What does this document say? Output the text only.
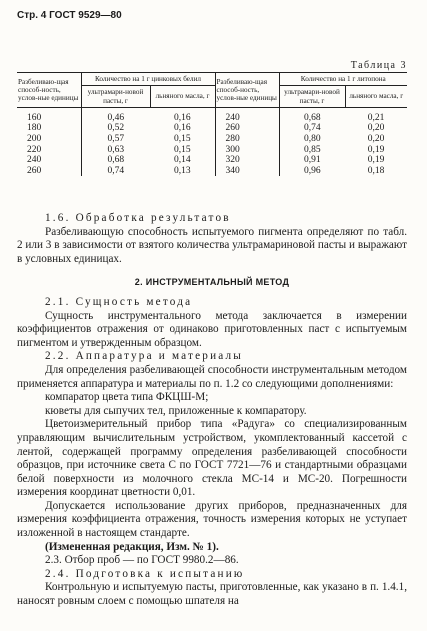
Стр. 4 ГОСТ 9529—80
Таблица 3
Разбеливаю-щая способ-ность, услов-ные единицы	Количество на 1 г цинковых белил		Разбеливаю-щая способ-ность, услов-ные единицы	Количество на 1 г литопона	
	ультрамари-новой пасты, г	льняного масла, г		ультрамари-новой пасты, г	льняного масла, г
160	0,46	0,16	240	0,68	0,21
180	0,52	0,16	260	0,74	0,20
200	0,57	0,15	280	0,80	0,20
220	0,63	0,15	300	0,85	0,19
240	0,68	0,14	320	0,91	0,19
260	0,74	0,13	340	0,96	0,18

1.6. Обработка результатов

Разбеливающую способность испытуемого пигмента определяют по табл. 2 или 3 в зависимости от взятого количества ультрамариновой пасты и выражают в условных единицах.

2. ИНСТРУМЕНТАЛЬНЫЙ МЕТОД

2.1. Сущность метода

Сущность инструментального метода заключается в измерении коэффициентов отражения от одинаково приготовленных паст с испытуемым пигментом и утвержденным образцом.

2.2. Аппаратура и материалы

Для определения разбеливающей способности инструментальным методом применяется аппаратура и материалы по п. 1.2 со следующими дополнениями:

компаратор цвета типа ФКЦШ-М;

кюветы для сыпучих тел, приложенные к компаратору.

Цветоизмерительный прибор типа «Радуга» со специализированным управляющим вычислительным устройством, укомплектованный кассетой с лентой, содержащей программу определения разбеливающей способности образцов, при источнике света С по ГОСТ 7721—76 и стандартными образцами белой поверхности из молочного стекла МС-14 и МС-20. Погрешности измерения координат цветности 0,01.

Допускается использование других приборов, предназначенных для измерения коэффициента отражения, точность измерения которых не уступает изложенной в настоящем стандарте.

(Измененная редакция, Изм. № 1).

2.3. Отбор проб — по ГОСТ 9980.2—86.

2.4. Подготовка к испытанию

Контрольную и испытуемую пасты, приготовленные, как указано в п. 1.4.1, наносят ровным слоем с помощью шпателя на
